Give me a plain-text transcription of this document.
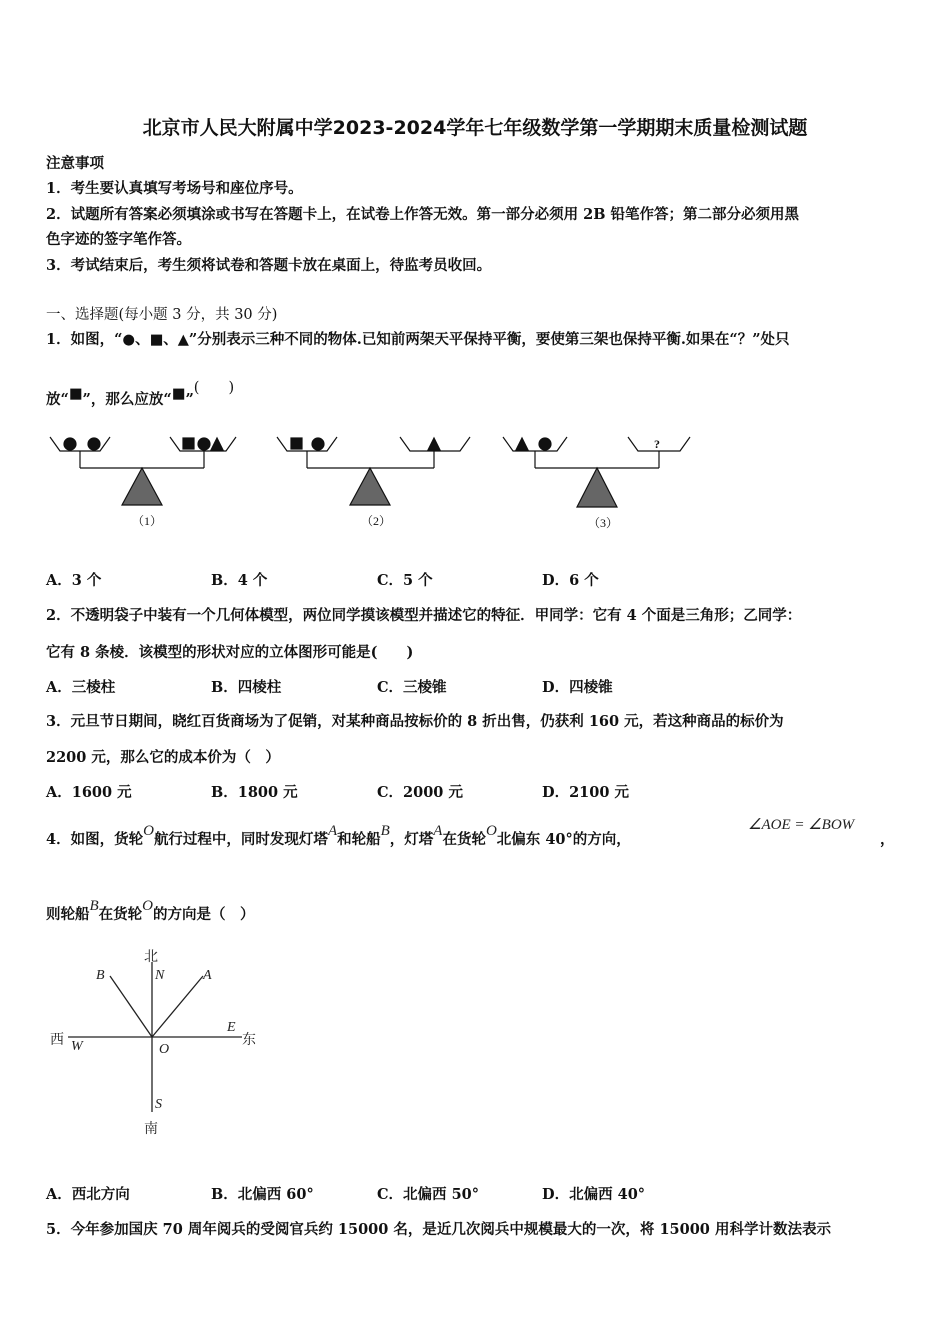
北京市人民大附属中学2023-2024学年七年级数学第一学期期末质量检测试题
注意事项
1．考生要认真填写考场号和座位序号。
2．试题所有答案必须填涂或书写在答题卡上，在试卷上作答无效。第一部分必须用 2B 铅笔作答；第二部分必须用黑
色字迹的签字笔作答。
3．考试结束后，考生须将试卷和答题卡放在桌面上，待监考员收回。
一、选择题(每小题 3 分，共 30 分)
1．如图，“●、■、▲”分别表示三种不同的物体.已知前两架天平保持平衡，要使第三架也保持平衡.如果在“？”处只
放“■”，那么应放“■”(　　)
（1）	（2）
?
（3）
A．3 个	B．4 个	C．5 个	D．6 个
2．不透明袋子中装有一个几何体模型，两位同学摸该模型并描述它的特征．甲同学：它有 4 个面是三角形；乙同学：
它有 8 条棱．该模型的形状对应的立体图形可能是(　　)
A．三棱柱	B．四棱柱	C．三棱锥	D．四棱锥
3．元旦节日期间，晓红百货商场为了促销，对某种商品按标价的 8 折出售，仍获利 160 元，若这种商品的标价为
2200 元，那么它的成本价为（　）
A．1600 元	B．1800 元	C．2000 元	D．2100 元
4．如图，货轮O航行过程中，同时发现灯塔A和轮船B，灯塔A在货轮O北偏东 40°的方向，
∠AOE = ∠BOW
，
则轮船B在货轮O的方向是（　）
北
南
西	东
N
S
W
E
O
A
B
A．西北方向	B．北偏西 60°	C．北偏西 50°	D．北偏西 40°
5．今年参加国庆 70 周年阅兵的受阅官兵约 15000 名，是近几次阅兵中规模最大的一次，将 15000 用科学计数法表示
